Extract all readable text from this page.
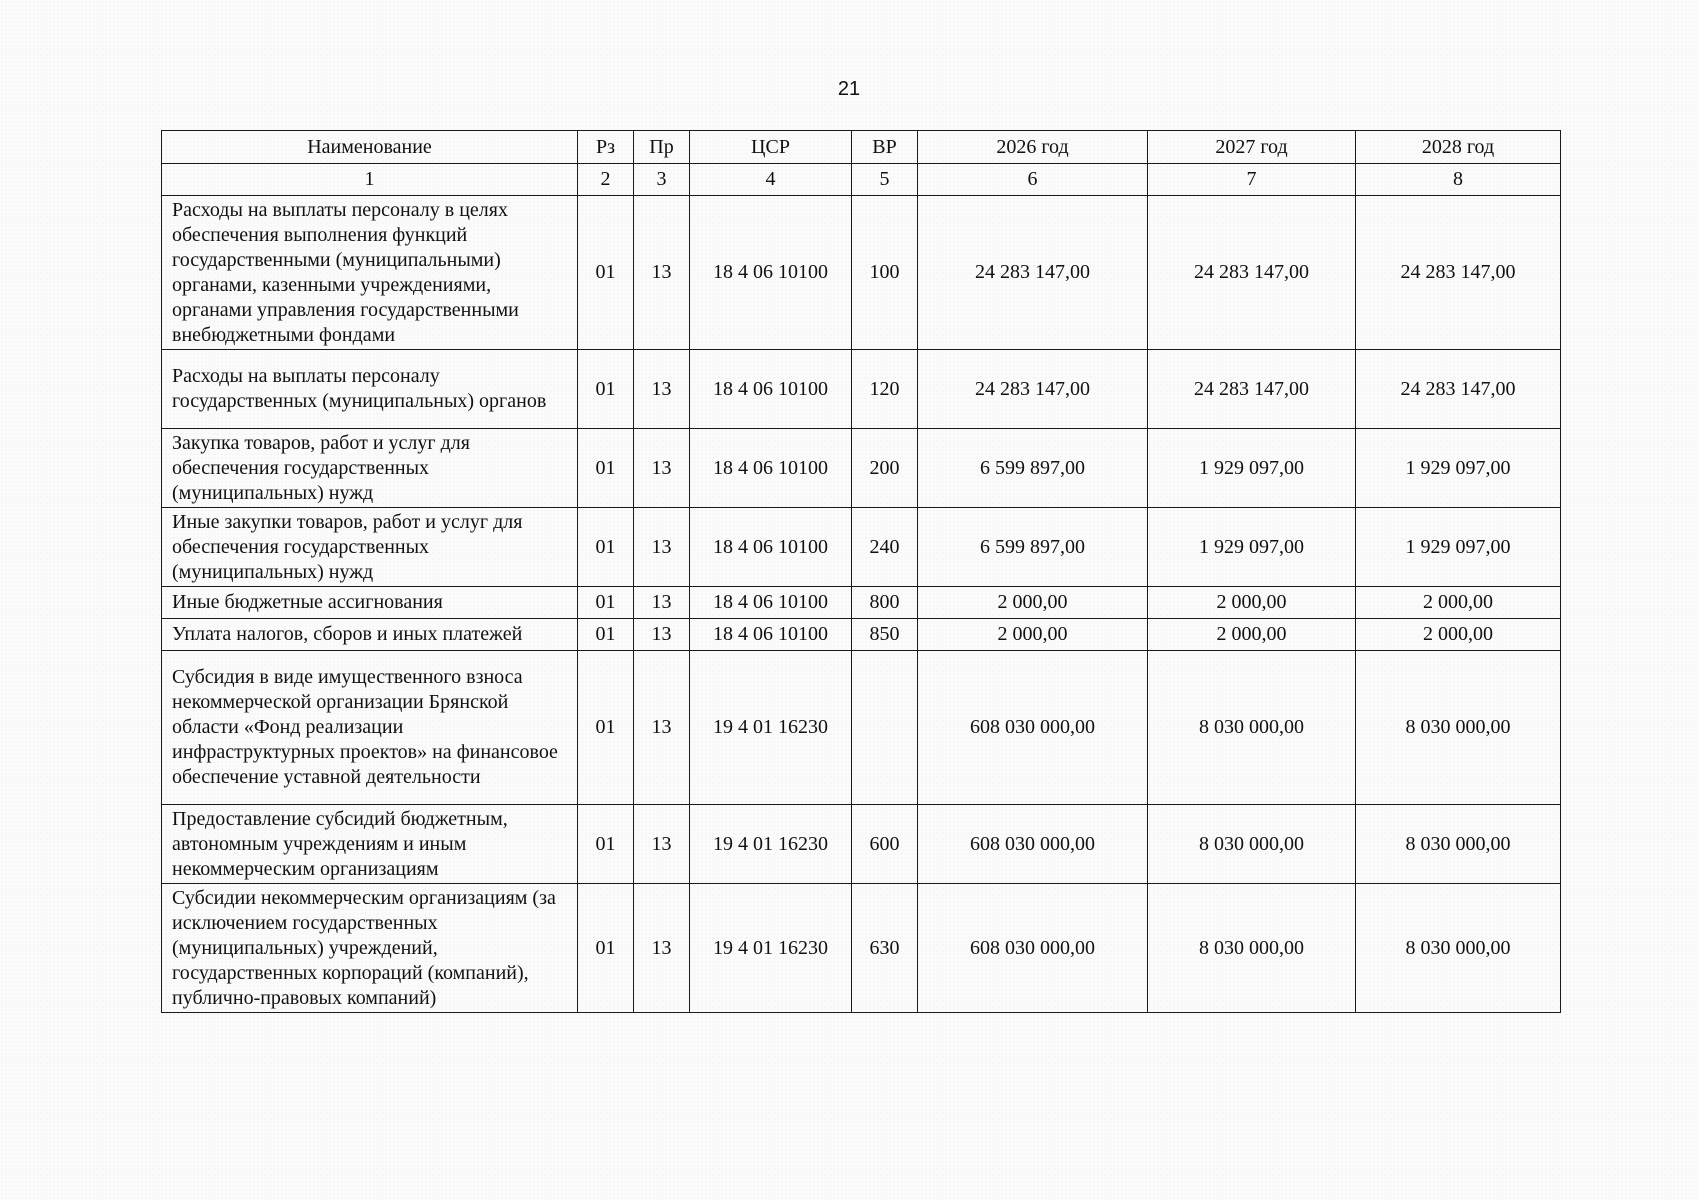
21
Наименование	Рз	Пр	ЦСР	ВР	2026 год	2027 год	2028 год
1	2	3	4	5	6	7	8
Расходы на выплаты персоналу в целях обеспечения выполнения функций государственными (муниципальными) органами, казенными учреждениями, органами управления государственными внебюджетными фондами	01	13	18 4 06 10100	100	24 283 147,00	24 283 147,00	24 283 147,00
Расходы на выплаты персоналу государственных (муниципальных) органов	01	13	18 4 06 10100	120	24 283 147,00	24 283 147,00	24 283 147,00
Закупка товаров, работ и услуг для обеспечения государственных (муниципальных) нужд	01	13	18 4 06 10100	200	6 599 897,00	1 929 097,00	1 929 097,00
Иные закупки товаров, работ и услуг для обеспечения государственных (муниципальных) нужд	01	13	18 4 06 10100	240	6 599 897,00	1 929 097,00	1 929 097,00
Иные бюджетные ассигнования	01	13	18 4 06 10100	800	2 000,00	2 000,00	2 000,00
Уплата налогов, сборов и иных платежей	01	13	18 4 06 10100	850	2 000,00	2 000,00	2 000,00
Субсидия в виде имущественного взноса некоммерческой организации Брянской области «Фонд реализации инфраструктурных проектов» на финансовое обеспечение уставной деятельности	01	13	19 4 01 16230		608 030 000,00	8 030 000,00	8 030 000,00
Предоставление субсидий бюджетным, автономным учреждениям и иным некоммерческим организациям	01	13	19 4 01 16230	600	608 030 000,00	8 030 000,00	8 030 000,00
Субсидии некоммерческим организациям (за исключением государственных (муниципальных) учреждений, государственных корпораций (компаний), публично-правовых компаний)	01	13	19 4 01 16230	630	608 030 000,00	8 030 000,00	8 030 000,00
